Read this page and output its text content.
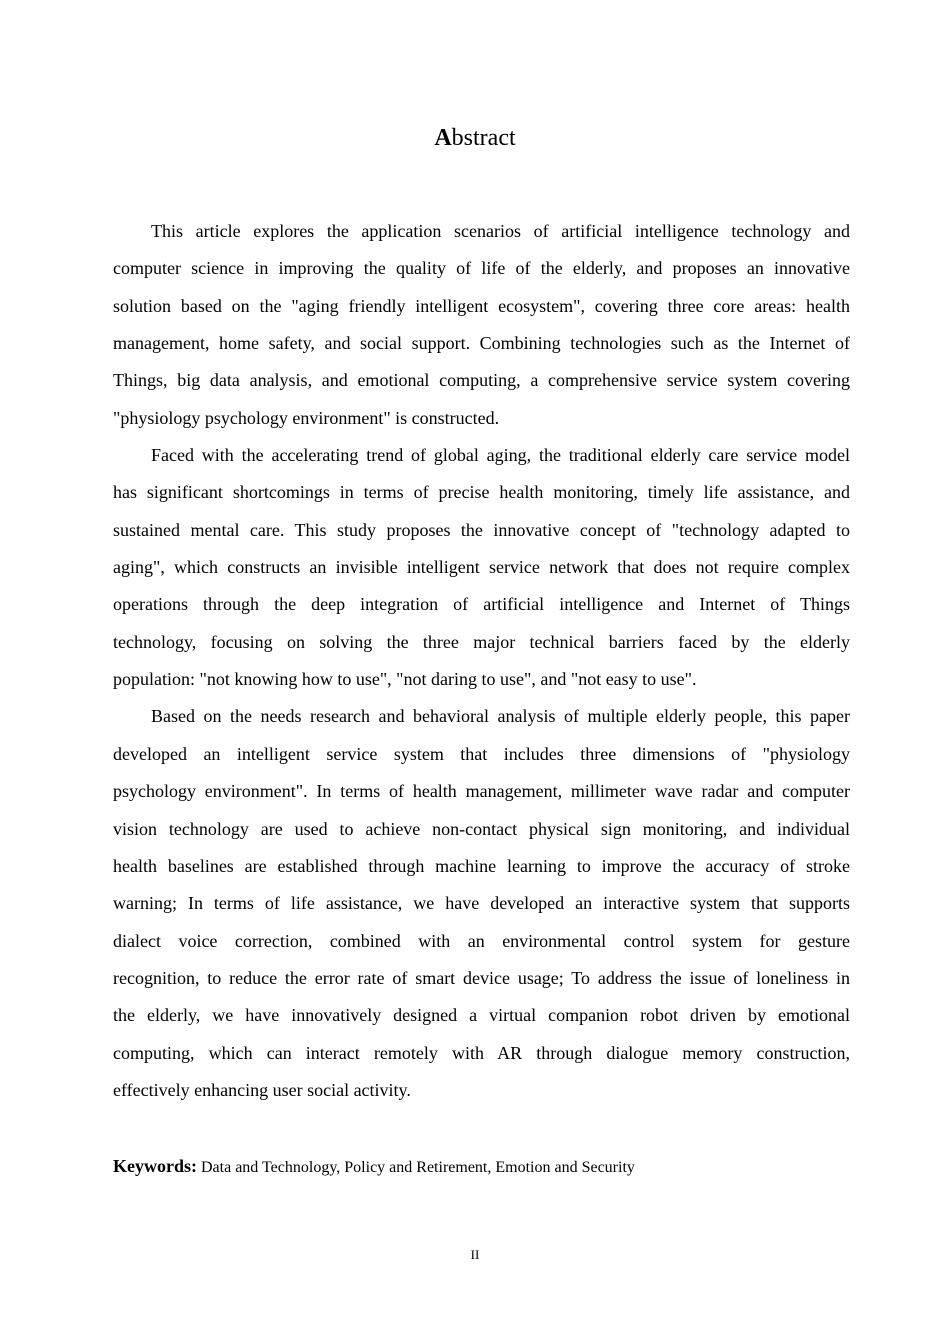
Abstract
This article explores the application scenarios of artificial intelligence technology and
computer science in improving the quality of life of the elderly, and proposes an innovative
solution based on the "aging friendly intelligent ecosystem", covering three core areas: health
management, home safety, and social support. Combining technologies such as the Internet of
Things, big data analysis, and emotional computing, a comprehensive service system covering
"physiology psychology environment" is constructed.
Faced with the accelerating trend of global aging, the traditional elderly care service model
has significant shortcomings in terms of precise health monitoring, timely life assistance, and
sustained mental care. This study proposes the innovative concept of "technology adapted to
aging", which constructs an invisible intelligent service network that does not require complex
operations through the deep integration of artificial intelligence and Internet of Things
technology, focusing on solving the three major technical barriers faced by the elderly
population: "not knowing how to use", "not daring to use", and "not easy to use".
Based on the needs research and behavioral analysis of multiple elderly people, this paper
developed an intelligent service system that includes three dimensions of "physiology
psychology environment". In terms of health management, millimeter wave radar and computer
vision technology are used to achieve non-contact physical sign monitoring, and individual
health baselines are established through machine learning to improve the accuracy of stroke
warning; In terms of life assistance, we have developed an interactive system that supports
dialect voice correction, combined with an environmental control system for gesture
recognition, to reduce the error rate of smart device usage; To address the issue of loneliness in
the elderly, we have innovatively designed a virtual companion robot driven by emotional
computing, which can interact remotely with AR through dialogue memory construction,
effectively enhancing user social activity.
Keywords: Data and Technology, Policy and Retirement, Emotion and Security
II
